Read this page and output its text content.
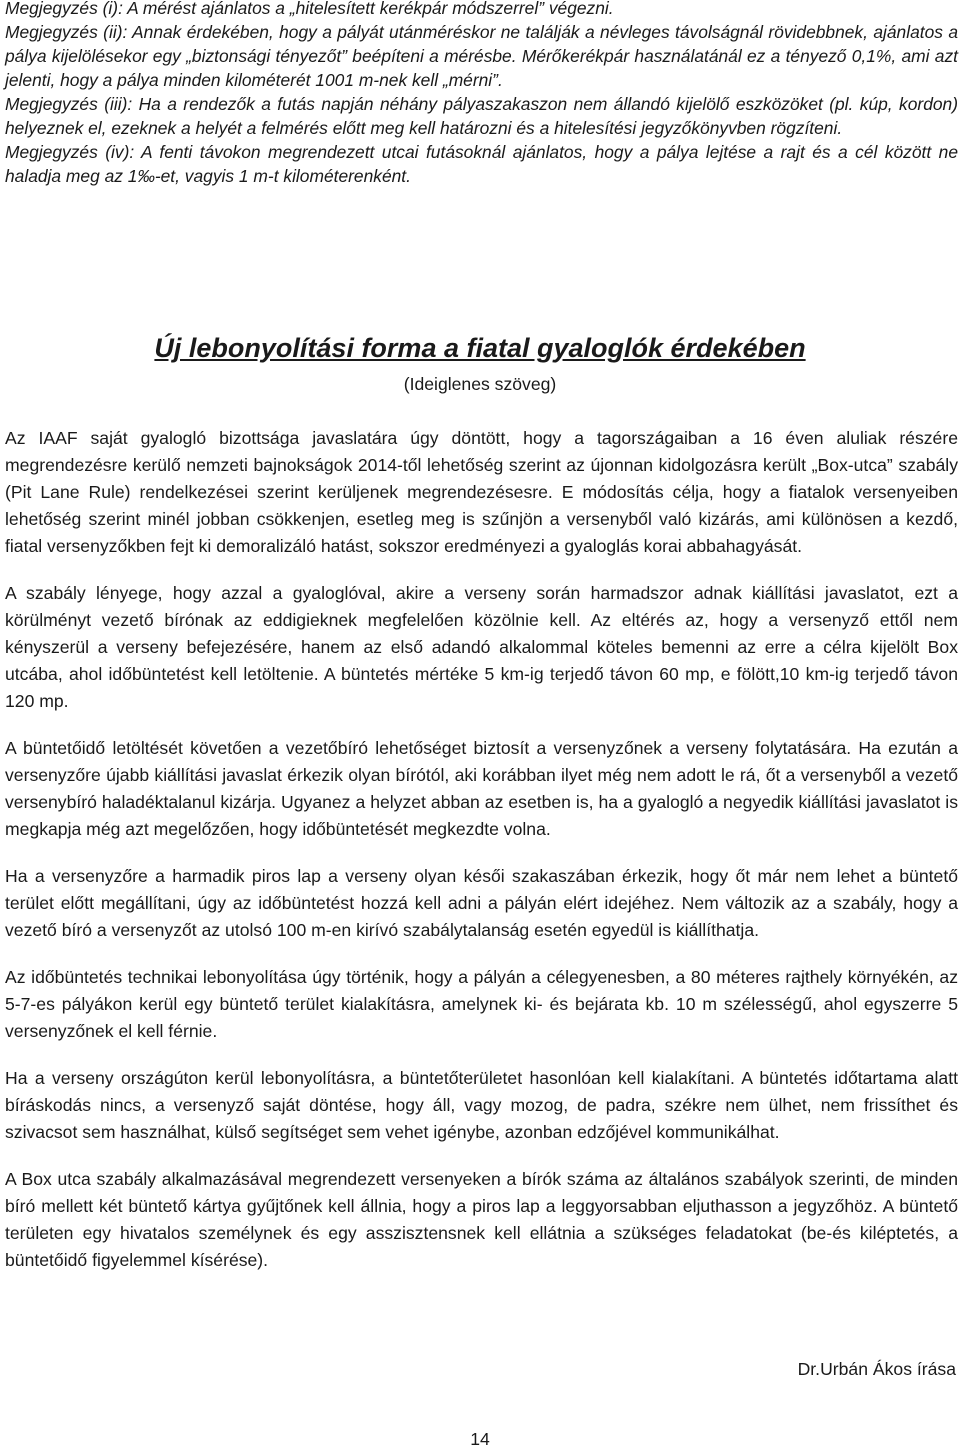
Megjegyzés (i): A mérést ajánlatos a „hitelesített kerékpár módszerrel” végezni.

Megjegyzés (ii): Annak érdekében, hogy a pályát utánméréskor ne találják a névleges távolságnál rövidebbnek, ajánlatos a pálya kijelölésekor egy „biztonsági tényezőt” beépíteni a mérésbe. Mérőkerékpár használatánál ez a tényező 0,1%, ami azt jelenti, hogy a pálya minden kilométerét 1001 m-nek kell „mérni”.

Megjegyzés (iii): Ha a rendezők a futás napján néhány pályaszakaszon nem állandó kijelölő eszközöket (pl. kúp, kordon) helyeznek el, ezeknek a helyét a felmérés előtt meg kell határozni és a hitelesítési jegyzőkönyvben rögzíteni.

Megjegyzés (iv): A fenti távokon megrendezett utcai futásoknál ajánlatos, hogy a pálya lejtése a rajt és a cél között ne haladja meg az 1‰-et, vagyis 1 m-t kilométerenként.

Új lebonyolítási forma a fiatal gyaloglók érdekében

(Ideiglenes szöveg)

Az IAAF saját gyalogló bizottsága javaslatára úgy döntött, hogy a tagországaiban a 16 éven aluliak részére megrendezésre kerülő nemzeti bajnokságok 2014-től lehetőség szerint az újonnan kidolgozásra került „Box-utca” szabály (Pit Lane Rule) rendelkezései szerint kerüljenek megrendezésesre. E módosítás célja, hogy a fiatalok versenyeiben lehetőség szerint minél jobban csökkenjen, esetleg meg is szűnjön a versenyből való kizárás, ami különösen a kezdő, fiatal versenyzőkben fejt ki demoralizáló hatást, sokszor eredményezi a gyaloglás korai abbahagyását.

A szabály lényege, hogy azzal a gyaloglóval, akire a verseny során harmadszor adnak kiállítási javaslatot, ezt a körülményt vezető bírónak az eddigieknek megfelelően közölnie kell. Az eltérés az, hogy a versenyző ettől nem kényszerül a verseny befejezésére, hanem az első adandó alkalommal köteles bemenni az erre a célra kijelölt Box utcába, ahol időbüntetést kell letöltenie. A büntetés mértéke 5 km-ig terjedő távon 60 mp, e fölött,10 km-ig terjedő távon 120 mp.

A büntetőidő letöltését követően a vezetőbíró lehetőséget biztosít a versenyzőnek a verseny folytatására. Ha ezután a versenyzőre újabb kiállítási javaslat érkezik olyan bírótól, aki korábban ilyet még nem adott le rá, őt a versenyből a vezető versenybíró haladéktalanul kizárja. Ugyanez a helyzet abban az esetben is, ha a gyalogló a negyedik kiállítási javaslatot is megkapja még azt megelőzően, hogy időbüntetését megkezdte volna.

Ha a versenyzőre a harmadik piros lap a verseny olyan késői szakaszában érkezik, hogy őt már nem lehet a büntető terület előtt megállítani, úgy az időbüntetést hozzá kell adni a pályán elért idejéhez. Nem változik az a szabály, hogy a vezető bíró a versenyzőt az utolsó 100 m-en kirívó szabálytalanság esetén egyedül is kiállíthatja.

Az időbüntetés technikai lebonyolítása úgy történik, hogy a pályán a célegyenesben, a 80 méteres rajthely környékén, az 5-7-es pályákon kerül egy büntető terület kialakításra, amelynek ki- és bejárata kb. 10 m szélességű, ahol egyszerre 5 versenyzőnek el kell férnie.

Ha a verseny országúton kerül lebonyolításra, a büntetőterületet hasonlóan kell kialakítani. A büntetés időtartama alatt bíráskodás nincs, a versenyző saját döntése, hogy áll, vagy mozog, de padra, székre nem ülhet, nem frissíthet és szivacsot sem használhat, külső segítséget sem vehet igénybe, azonban edzőjével kommunikálhat.

A Box utca szabály alkalmazásával megrendezett versenyeken a bírók száma az általános szabályok szerinti, de minden bíró mellett két büntető kártya gyűjtőnek kell állnia, hogy a piros lap a leggyorsabban eljuthasson a jegyzőhöz. A büntető területen egy hivatalos személynek és egy asszisztensnek kell ellátnia a szükséges feladatokat (be-és kiléptetés, a büntetőidő figyelemmel kísérése).

Dr.Urbán Ákos írása

14
